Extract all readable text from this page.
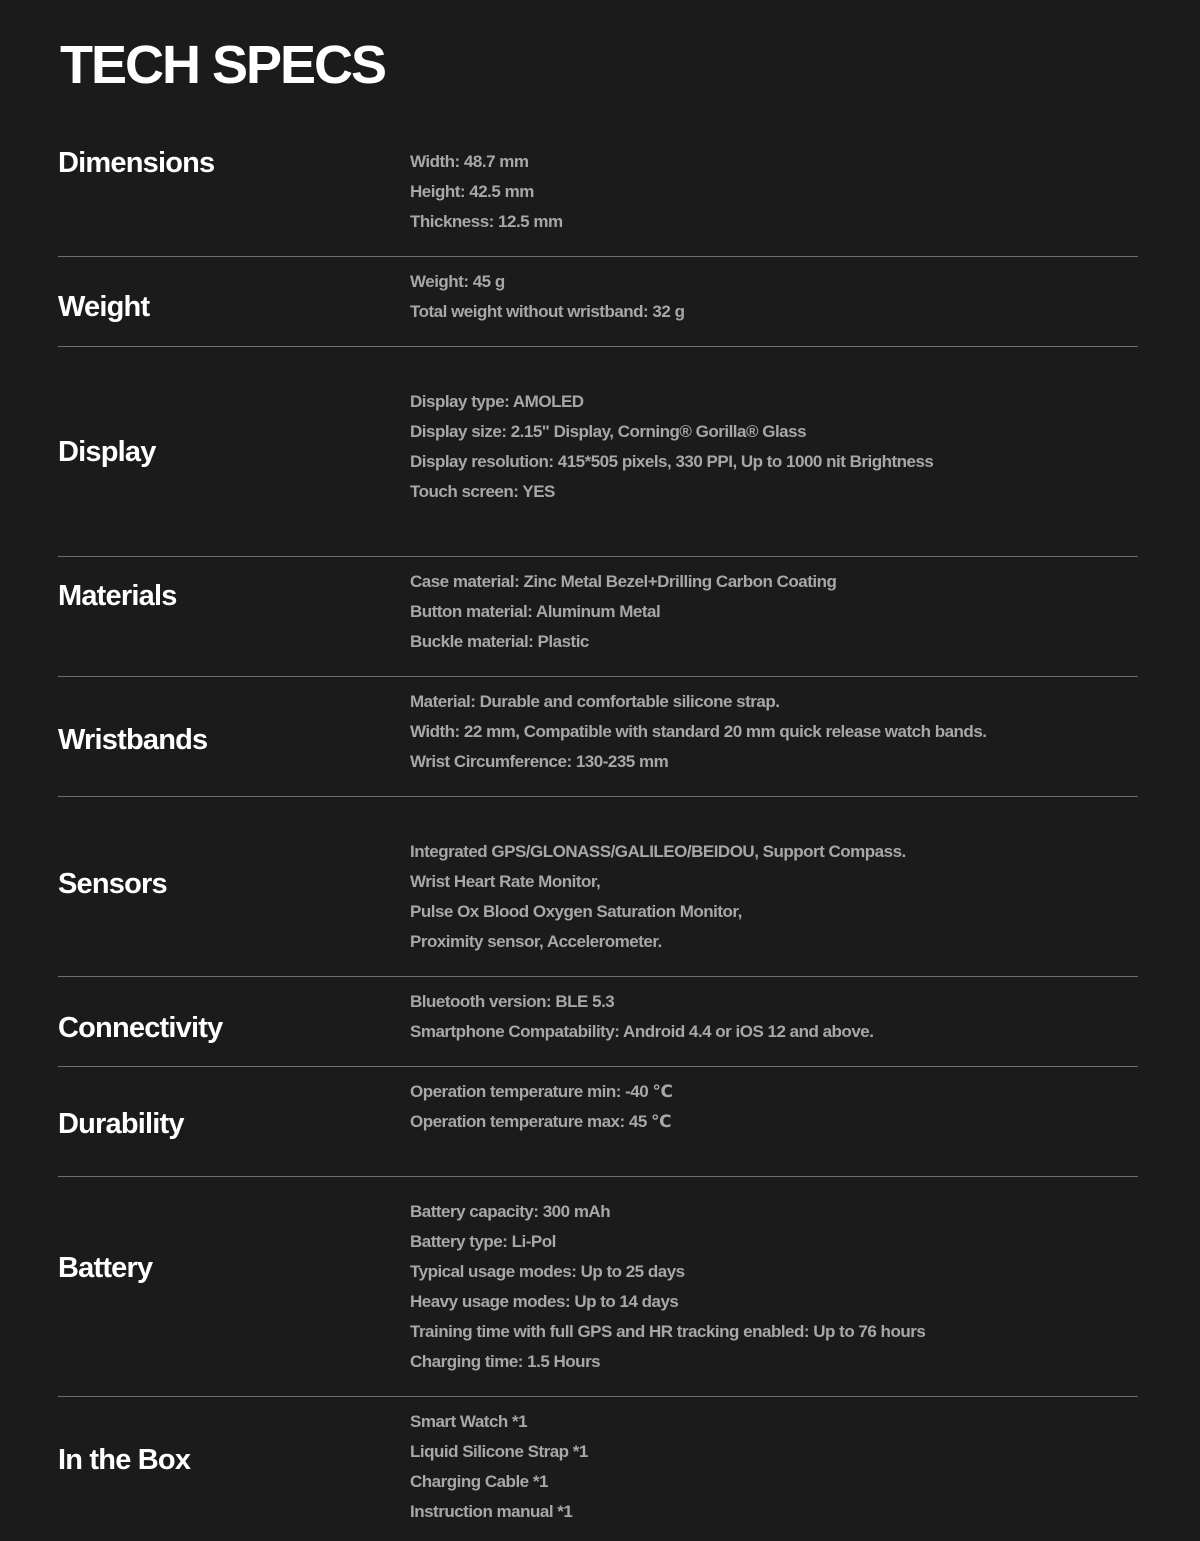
TECH SPECS
Dimensions	Width: 48.7 mm
Height: 42.5 mm
Thickness: 12.5 mm
Weight
Weight: 45 g
Total weight without wristband: 32 g
Display
Display type: AMOLED
Display size: 2.15" Display, Corning® Gorilla® Glass
Display resolution: 415*505 pixels, 330 PPI, Up to 1000 nit Brightness
Touch screen: YES
Materials	Case material: Zinc Metal Bezel+Drilling Carbon Coating
Button material: Aluminum Metal
Buckle material: Plastic
Wristbands
Material: Durable and comfortable silicone strap.
Width: 22 mm, Compatible with standard 20 mm quick release watch bands.
Wrist Circumference: 130-235 mm
Sensors
Integrated GPS/GLONASS/GALILEO/BEIDOU, Support Compass.
Wrist Heart Rate Monitor,
Pulse Ox Blood Oxygen Saturation Monitor,
Proximity sensor, Accelerometer.
Connectivity
Bluetooth version: BLE 5.3
Smartphone Compatability: Android 4.4 or iOS 12 and above.
Durability
Operation temperature min: -40 ℃
Operation temperature max: 45 ℃
Battery
Battery capacity: 300 mAh
Battery type: Li-Pol
Typical usage modes: Up to 25 days
Heavy usage modes: Up to 14 days
Training time with full GPS and HR tracking enabled: Up to 76 hours
Charging time: 1.5 Hours
In the Box
Smart Watch *1
Liquid Silicone Strap *1
Charging Cable *1
Instruction manual *1
